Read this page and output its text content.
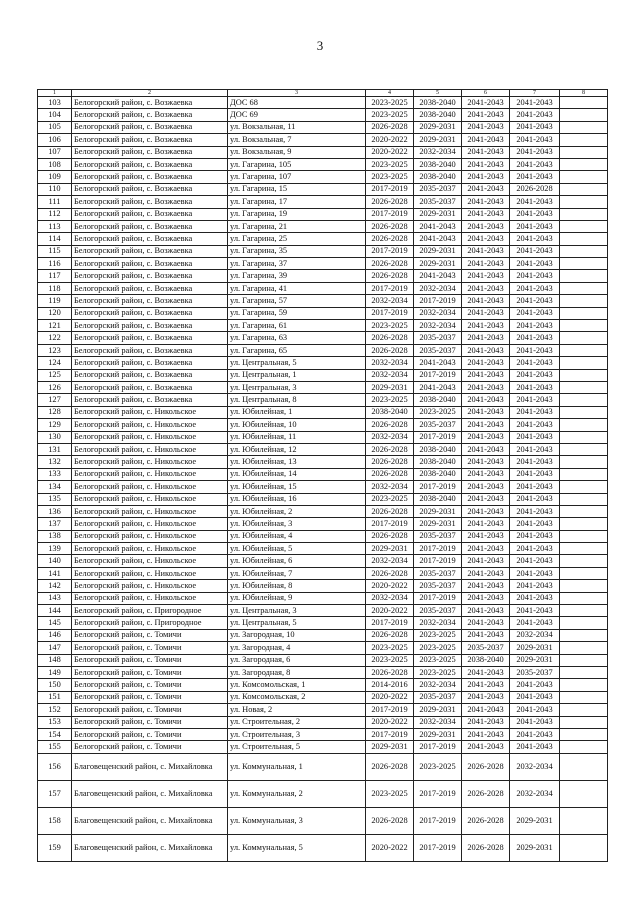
3
1	2	3	4	5	6	7	8
103	Белогорский район, с. Возжаевка	ДОС 68	2023-2025	2038-2040	2041-2043	2041-2043	
104	Белогорский район, с. Возжаевка	ДОС 69	2023-2025	2038-2040	2041-2043	2041-2043	
105	Белогорский район, с. Возжаевка	ул. Вокзальная, 11	2026-2028	2029-2031	2041-2043	2041-2043	
106	Белогорский район, с. Возжаевка	ул. Вокзальная, 7	2020-2022	2029-2031	2041-2043	2041-2043	
107	Белогорский район, с. Возжаевка	ул. Вокзальная, 9	2020-2022	2032-2034	2041-2043	2041-2043	
108	Белогорский район, с. Возжаевка	ул. Гагарина, 105	2023-2025	2038-2040	2041-2043	2041-2043	
109	Белогорский район, с. Возжаевка	ул. Гагарина, 107	2023-2025	2038-2040	2041-2043	2041-2043	
110	Белогорский район, с. Возжаевка	ул. Гагарина, 15	2017-2019	2035-2037	2041-2043	2026-2028	
111	Белогорский район, с. Возжаевка	ул. Гагарина, 17	2026-2028	2035-2037	2041-2043	2041-2043	
112	Белогорский район, с. Возжаевка	ул. Гагарина, 19	2017-2019	2029-2031	2041-2043	2041-2043	
113	Белогорский район, с. Возжаевка	ул. Гагарина, 21	2026-2028	2041-2043	2041-2043	2041-2043	
114	Белогорский район, с. Возжаевка	ул. Гагарина, 25	2026-2028	2041-2043	2041-2043	2041-2043	
115	Белогорский район, с. Возжаевка	ул. Гагарина, 35	2017-2019	2029-2031	2041-2043	2041-2043	
116	Белогорский район, с. Возжаевка	ул. Гагарина, 37	2026-2028	2029-2031	2041-2043	2041-2043	
117	Белогорский район, с. Возжаевка	ул. Гагарина, 39	2026-2028	2041-2043	2041-2043	2041-2043	
118	Белогорский район, с. Возжаевка	ул. Гагарина, 41	2017-2019	2032-2034	2041-2043	2041-2043	
119	Белогорский район, с. Возжаевка	ул. Гагарина, 57	2032-2034	2017-2019	2041-2043	2041-2043	
120	Белогорский район, с. Возжаевка	ул. Гагарина, 59	2017-2019	2032-2034	2041-2043	2041-2043	
121	Белогорский район, с. Возжаевка	ул. Гагарина, 61	2023-2025	2032-2034	2041-2043	2041-2043	
122	Белогорский район, с. Возжаевка	ул. Гагарина, 63	2026-2028	2035-2037	2041-2043	2041-2043	
123	Белогорский район, с. Возжаевка	ул. Гагарина, 65	2026-2028	2035-2037	2041-2043	2041-2043	
124	Белогорский район, с. Возжаевка	ул. Центральная, 5	2032-2034	2041-2043	2041-2043	2041-2043	
125	Белогорский район, с. Возжаевка	ул. Центральная, 1	2032-2034	2017-2019	2041-2043	2041-2043	
126	Белогорский район, с. Возжаевка	ул. Центральная, 3	2029-2031	2041-2043	2041-2043	2041-2043	
127	Белогорский район, с. Возжаевка	ул. Центральная, 8	2023-2025	2038-2040	2041-2043	2041-2043	
128	Белогорский район, с. Никольское	ул. Юбилейная, 1	2038-2040	2023-2025	2041-2043	2041-2043	
129	Белогорский район, с. Никольское	ул. Юбилейная, 10	2026-2028	2035-2037	2041-2043	2041-2043	
130	Белогорский район, с. Никольское	ул. Юбилейная, 11	2032-2034	2017-2019	2041-2043	2041-2043	
131	Белогорский район, с. Никольское	ул. Юбилейная, 12	2026-2028	2038-2040	2041-2043	2041-2043	
132	Белогорский район, с. Никольское	ул. Юбилейная, 13	2026-2028	2038-2040	2041-2043	2041-2043	
133	Белогорский район, с. Никольское	ул. Юбилейная, 14	2026-2028	2038-2040	2041-2043	2041-2043	
134	Белогорский район, с. Никольское	ул. Юбилейная, 15	2032-2034	2017-2019	2041-2043	2041-2043	
135	Белогорский район, с. Никольское	ул. Юбилейная, 16	2023-2025	2038-2040	2041-2043	2041-2043	
136	Белогорский район, с. Никольское	ул. Юбилейная, 2	2026-2028	2029-2031	2041-2043	2041-2043	
137	Белогорский район, с. Никольское	ул. Юбилейная, 3	2017-2019	2029-2031	2041-2043	2041-2043	
138	Белогорский район, с. Никольское	ул. Юбилейная, 4	2026-2028	2035-2037	2041-2043	2041-2043	
139	Белогорский район, с. Никольское	ул. Юбилейная, 5	2029-2031	2017-2019	2041-2043	2041-2043	
140	Белогорский район, с. Никольское	ул. Юбилейная, 6	2032-2034	2017-2019	2041-2043	2041-2043	
141	Белогорский район, с. Никольское	ул. Юбилейная, 7	2026-2028	2035-2037	2041-2043	2041-2043	
142	Белогорский район, с. Никольское	ул. Юбилейная, 8	2020-2022	2035-2037	2041-2043	2041-2043	
143	Белогорский район, с. Никольское	ул. Юбилейная, 9	2032-2034	2017-2019	2041-2043	2041-2043	
144	Белогорский район, с. Пригородное	ул. Центральная, 3	2020-2022	2035-2037	2041-2043	2041-2043	
145	Белогорский район, с. Пригородное	ул. Центральная, 5	2017-2019	2032-2034	2041-2043	2041-2043	
146	Белогорский район, с. Томичи	ул. Загородная, 10	2026-2028	2023-2025	2041-2043	2032-2034	
147	Белогорский район, с. Томичи	ул. Загородная, 4	2023-2025	2023-2025	2035-2037	2029-2031	
148	Белогорский район, с. Томичи	ул. Загородная, 6	2023-2025	2023-2025	2038-2040	2029-2031	
149	Белогорский район, с. Томичи	ул. Загородная, 8	2026-2028	2023-2025	2041-2043	2035-2037	
150	Белогорский район, с. Томичи	ул. Комсомольская, 1	2014-2016	2032-2034	2041-2043	2041-2043	
151	Белогорский район, с. Томичи	ул. Комсомольская, 2	2020-2022	2035-2037	2041-2043	2041-2043	
152	Белогорский район, с. Томичи	ул. Новая, 2	2017-2019	2029-2031	2041-2043	2041-2043	
153	Белогорский район, с. Томичи	ул. Строительная, 2	2020-2022	2032-2034	2041-2043	2041-2043	
154	Белогорский район, с. Томичи	ул. Строительная, 3	2017-2019	2029-2031	2041-2043	2041-2043	
155	Белогорский район, с. Томичи	ул. Строительная, 5	2029-2031	2017-2019	2041-2043	2041-2043	
156	Благовещенский район, с. Михайловка	ул. Коммунальная, 1	2026-2028	2023-2025	2026-2028	2032-2034	
157	Благовещенский район, с. Михайловка	ул. Коммунальная, 2	2023-2025	2017-2019	2026-2028	2032-2034	
158	Благовещенский район, с. Михайловка	ул. Коммунальная, 3	2026-2028	2017-2019	2026-2028	2029-2031	
159	Благовещенский район, с. Михайловка	ул. Коммунальная, 5	2020-2022	2017-2019	2026-2028	2029-2031	
